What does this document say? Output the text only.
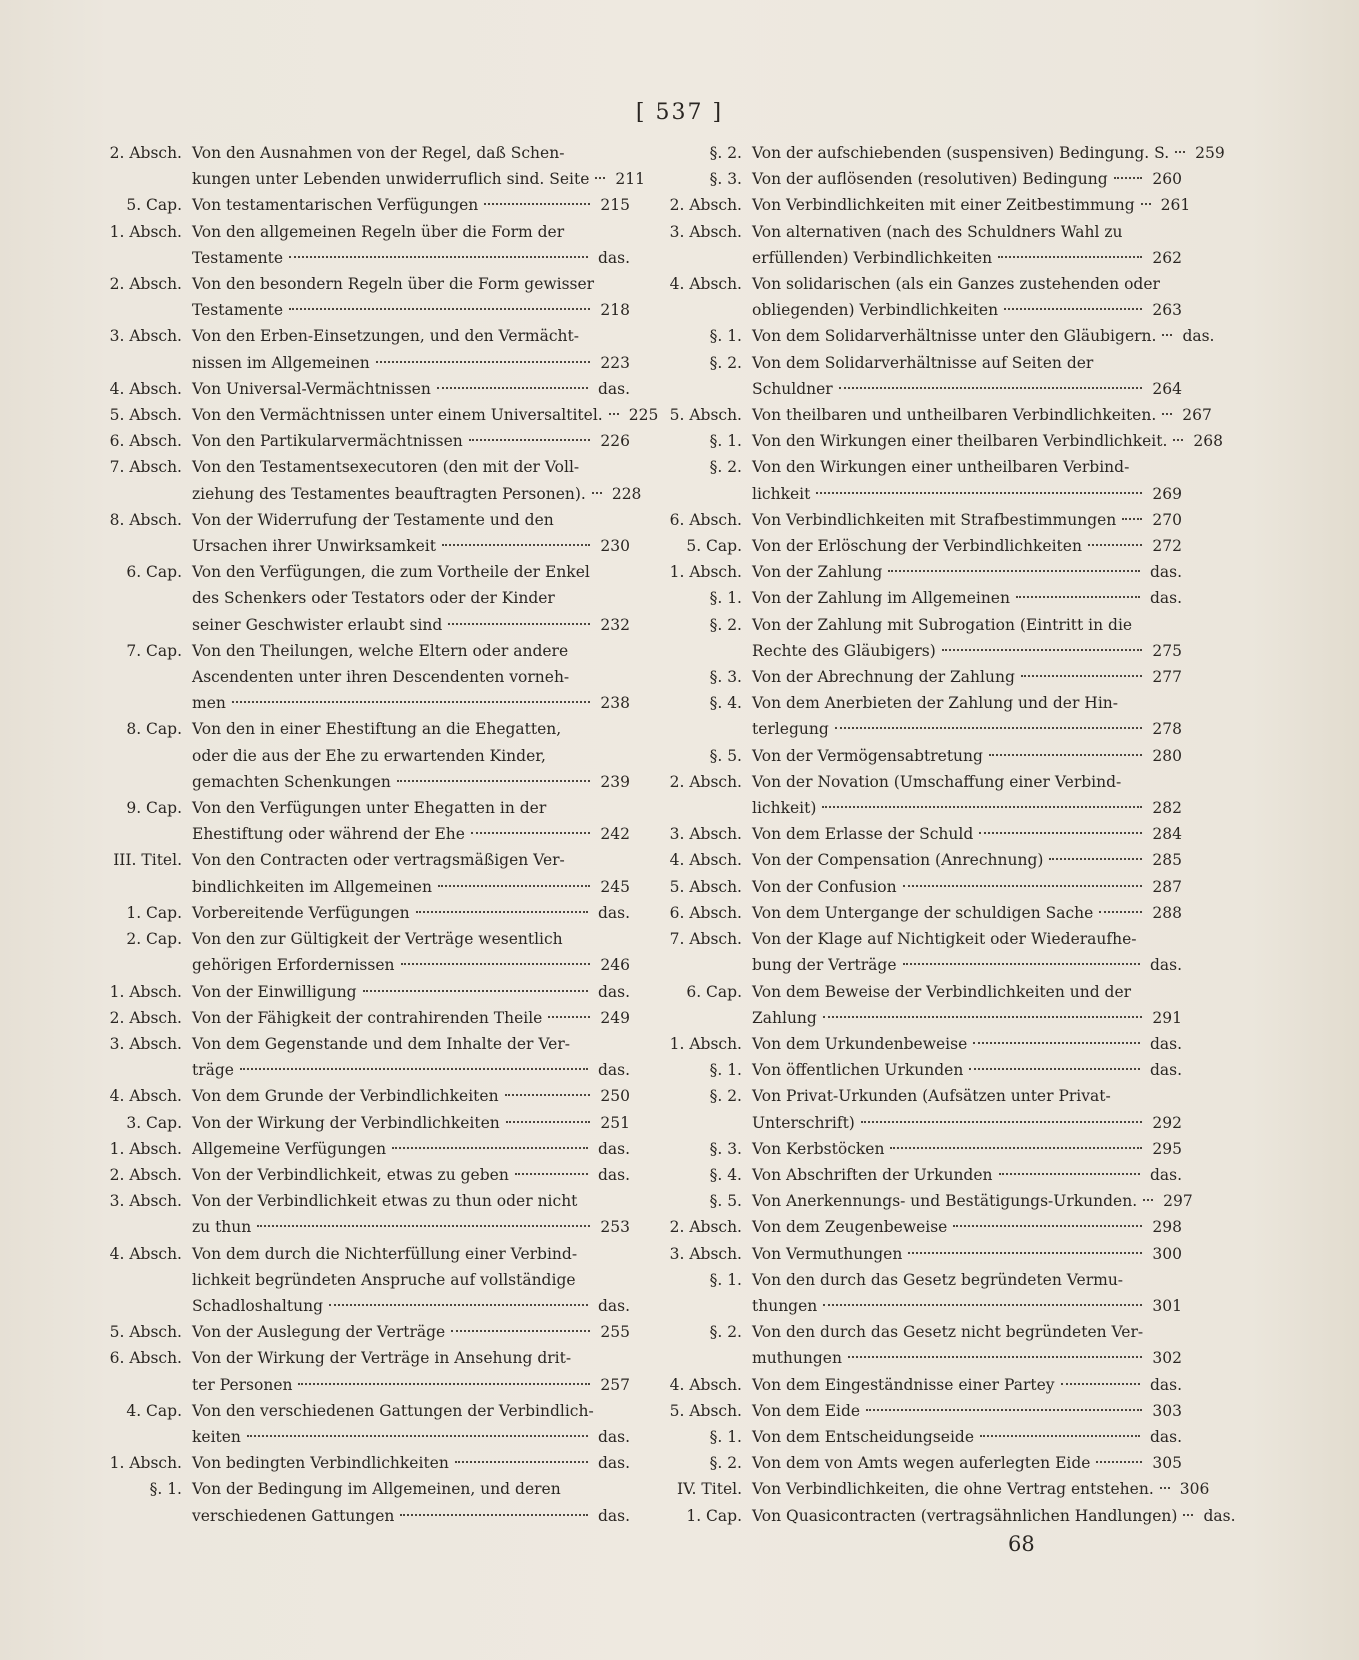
[ 537 ]
2. Absch. Von den Ausnahmen von der Regel, daß Schen-
kungen unter Lebenden unwiderruflich sind. Seite 211
5. Cap. Von testamentarischen Verfügungen	215
1. Absch. Von den allgemeinen Regeln über die Form der
Testamente	das.
2. Absch. Von den besondern Regeln über die Form gewisser
Testamente	218
3. Absch. Von den Erben-Einsetzungen, und den Vermächt-
nissen im Allgemeinen	223
4. Absch. Von Universal-Vermächtnissen	das.
5. Absch. Von den Vermächtnissen unter einem Universaltitel. 225
6. Absch. Von den Partikularvermächtnissen	226
7. Absch. Von den Testamentsexecutoren (den mit der Voll-
ziehung des Testamentes beauftragten Personen). 228
8. Absch. Von der Widerrufung der Testamente und den
Ursachen ihrer Unwirksamkeit	230
6. Cap. Von den Verfügungen, die zum Vortheile der Enkel
des Schenkers oder Testators oder der Kinder
seiner Geschwister erlaubt sind	232
7. Cap. Von den Theilungen, welche Eltern oder andere
Ascendenten unter ihren Descendenten vorneh-
men	238
8. Cap. Von den in einer Ehestiftung an die Ehegatten,
oder die aus der Ehe zu erwartenden Kinder,
gemachten Schenkungen	239
9. Cap. Von den Verfügungen unter Ehegatten in der
Ehestiftung oder während der Ehe	242
III. Titel. Von den Contracten oder vertragsmäßigen Ver-
bindlichkeiten im Allgemeinen	245
1. Cap. Vorbereitende Verfügungen	das.
2. Cap. Von den zur Gültigkeit der Verträge wesentlich
gehörigen Erfordernissen	246
1. Absch. Von der Einwilligung	das.
2. Absch. Von der Fähigkeit der contrahirenden Theile	249
3. Absch. Von dem Gegenstande und dem Inhalte der Ver-
träge	das.
4. Absch. Von dem Grunde der Verbindlichkeiten	250
3. Cap. Von der Wirkung der Verbindlichkeiten	251
1. Absch. Allgemeine Verfügungen	das.
2. Absch. Von der Verbindlichkeit, etwas zu geben	das.
3. Absch. Von der Verbindlichkeit etwas zu thun oder nicht
zu thun	253
4. Absch. Von dem durch die Nichterfüllung einer Verbind-
lichkeit begründeten Anspruche auf vollständige
Schadloshaltung	das.
5. Absch. Von der Auslegung der Verträge	255
6. Absch. Von der Wirkung der Verträge in Ansehung drit-
ter Personen	257
4. Cap. Von den verschiedenen Gattungen der Verbindlich-
keiten	das.
1. Absch. Von bedingten Verbindlichkeiten	das.
§. 1. Von der Bedingung im Allgemeinen, und deren
verschiedenen Gattungen	das.
§. 2. Von der aufschiebenden (suspensiven) Bedingung. S. 259
§. 3. Von der auflösenden (resolutiven) Bedingung	260
2. Absch. Von Verbindlichkeiten mit einer Zeitbestimmung 261
3. Absch. Von alternativen (nach des Schuldners Wahl zu
erfüllenden) Verbindlichkeiten	262
4. Absch. Von solidarischen (als ein Ganzes zustehenden oder
obliegenden) Verbindlichkeiten	263
§. 1. Von dem Solidarverhältnisse unter den Gläubigern. das.
§. 2. Von dem Solidarverhältnisse auf Seiten der
Schuldner	264
5. Absch. Von theilbaren und untheilbaren Verbindlichkeiten. 267
§. 1. Von den Wirkungen einer theilbaren Verbindlichkeit. 268
§. 2. Von den Wirkungen einer untheilbaren Verbind-
lichkeit	269
6. Absch. Von Verbindlichkeiten mit Strafbestimmungen 270
5. Cap. Von der Erlöschung der Verbindlichkeiten	272
1. Absch. Von der Zahlung	das.
§. 1. Von der Zahlung im Allgemeinen	das.
§. 2. Von der Zahlung mit Subrogation (Eintritt in die
Rechte des Gläubigers)	275
§. 3. Von der Abrechnung der Zahlung	277
§. 4. Von dem Anerbieten der Zahlung und der Hin-
terlegung	278
§. 5. Von der Vermögensabtretung	280
2. Absch. Von der Novation (Umschaffung einer Verbind-
lichkeit)	282
3. Absch. Von dem Erlasse der Schuld	284
4. Absch. Von der Compensation (Anrechnung)	285
5. Absch. Von der Confusion	287
6. Absch. Von dem Untergange der schuldigen Sache	288
7. Absch. Von der Klage auf Nichtigkeit oder Wiederaufhe-
bung der Verträge	das.
6. Cap. Von dem Beweise der Verbindlichkeiten und der
Zahlung	291
1. Absch. Von dem Urkundenbeweise	das.
§. 1. Von öffentlichen Urkunden	das.
§. 2. Von Privat-Urkunden (Aufsätzen unter Privat-
Unterschrift)	292
§. 3. Von Kerbstöcken	295
§. 4. Von Abschriften der Urkunden	das.
§. 5. Von Anerkennungs- und Bestätigungs-Urkunden. 297
2. Absch. Von dem Zeugenbeweise	298
3. Absch. Von Vermuthungen	300
§. 1. Von den durch das Gesetz begründeten Vermu-
thungen	301
§. 2. Von den durch das Gesetz nicht begründeten Ver-
muthungen	302
4. Absch. Von dem Eingeständnisse einer Partey	das.
5. Absch. Von dem Eide	303
§. 1. Von dem Entscheidungseide	das.
§. 2. Von dem von Amts wegen auferlegten Eide	305
IV. Titel. Von Verbindlichkeiten, die ohne Vertrag entstehen. 306
1. Cap. Von Quasicontracten (vertragsähnlichen Handlungen) das.
68
